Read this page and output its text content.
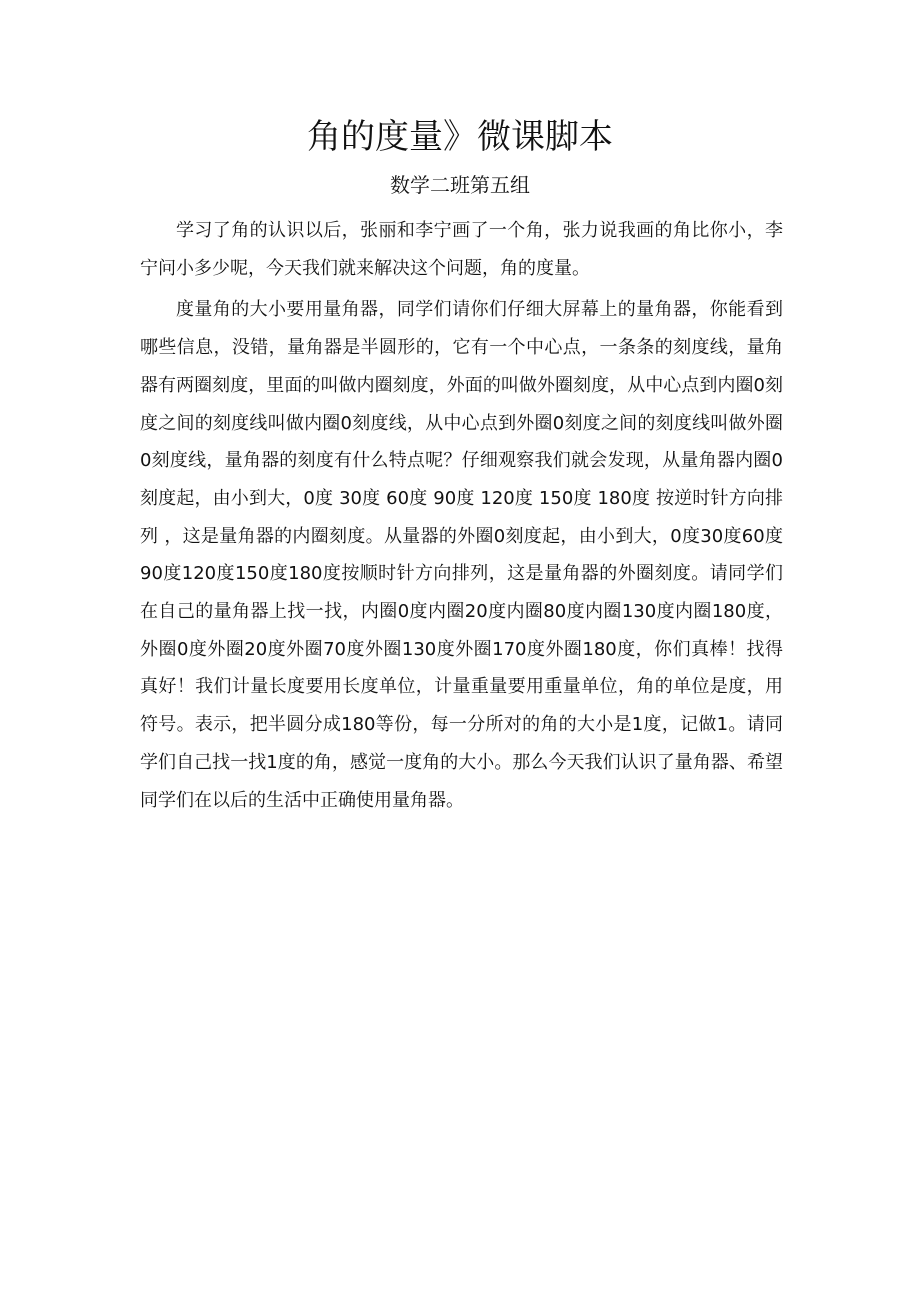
角的度量》微课脚本
数学二班第五组

学习了角的认识以后，张丽和李宁画了一个角，张力说我画的角比你小，李宁问小多少呢，今天我们就来解决这个问题，角的度量。

度量角的大小要用量角器，同学们请你们仔细大屏幕上的量角器，你能看到哪些信息，没错，量角器是半圆形的，它有一个中心点，一条条的刻度线，量角器有两圈刻度，里面的叫做内圈刻度，外面的叫做外圈刻度，从中心点到内圈0刻度之间的刻度线叫做内圈0刻度线，从中心点到外圈0刻度之间的刻度线叫做外圈0刻度线，量角器的刻度有什么特点呢？仔细观察我们就会发现，从量角器内圈0刻度起，由小到大，0度 30度 60度 90度 120度 150度 180度 按逆时针方向排列 ，这是量角器的内圈刻度。从量器的外圈0刻度起，由小到大，0度30度60度90度120度150度180度按顺时针方向排列，这是量角器的外圈刻度。请同学们在自己的量角器上找一找，内圈0度内圈20度内圈80度内圈130度内圈180度，外圈0度外圈20度外圈70度外圈130度外圈170度外圈180度，你们真棒！找得真好！我们计量长度要用长度单位，计量重量要用重量单位，角的单位是度，用符号。表示，把半圆分成180等份，每一分所对的角的大小是1度，记做1。请同学们自己找一找1度的角，感觉一度角的大小。那么今天我们认识了量角器、希望同学们在以后的生活中正确使用量角器。
